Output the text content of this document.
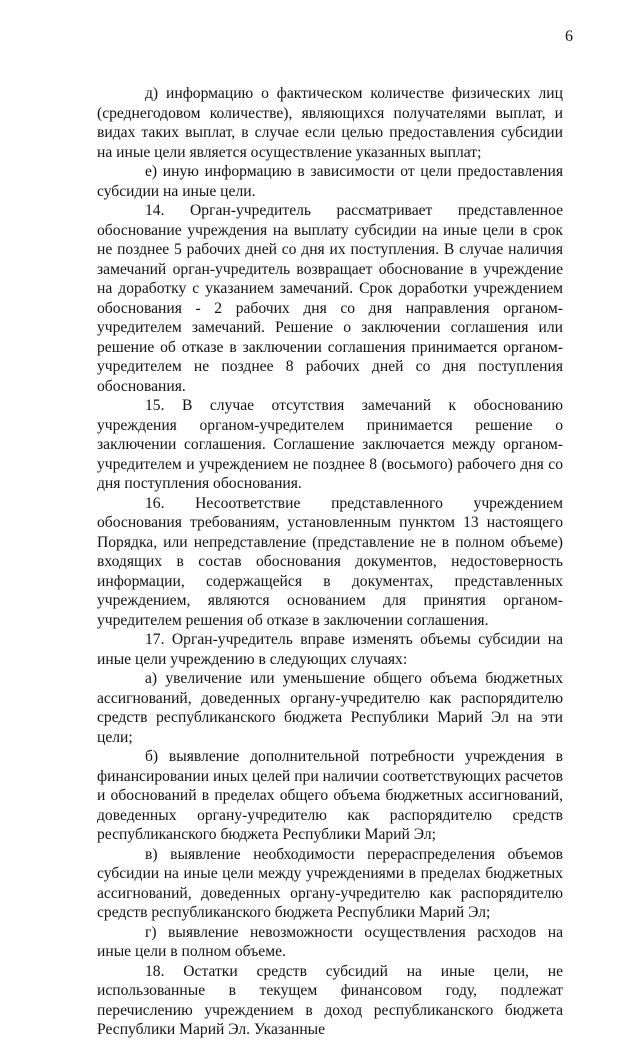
6

д) информацию о фактическом количестве физических лиц (среднегодовом количестве), являющихся получателями выплат, и видах таких выплат, в случае если целью предоставления субсидии на иные цели является осуществление указанных выплат;

е) иную информацию в зависимости от цели предоставления субсидии на иные цели.

14. Орган-учредитель рассматривает представленное обоснование учреждения на выплату субсидии на иные цели в срок не позднее 5 рабочих дней со дня их поступления. В случае наличия замечаний орган-учредитель возвращает обоснование в учреждение на доработку с указанием замечаний. Срок доработки учреждением обоснования - 2 рабочих дня со дня направления органом-учредителем замечаний. Решение о заключении соглашения или решение об отказе в заключении соглашения принимается органом-учредителем не позднее 8 рабочих дней со дня поступления обоснования.

15. В случае отсутствия замечаний к обоснованию учреждения органом-учредителем принимается решение о заключении соглашения. Соглашение заключается между органом-учредителем и учреждением не позднее 8 (восьмого) рабочего дня со дня поступления обоснования.

16. Несоответствие представленного учреждением обоснования требованиям, установленным пунктом 13 настоящего Порядка, или непредставление (представление не в полном объеме) входящих в состав обоснования документов, недостоверность информации, содержащейся в документах, представленных учреждением, являются основанием для принятия органом-учредителем решения об отказе в заключении соглашения.

17. Орган-учредитель вправе изменять объемы субсидии на иные цели учреждению в следующих случаях:

а) увеличение или уменьшение общего объема бюджетных ассигнований, доведенных органу-учредителю как распорядителю средств республиканского бюджета Республики Марий Эл на эти цели;

б) выявление дополнительной потребности учреждения в финансировании иных целей при наличии соответствующих расчетов и обоснований в пределах общего объема бюджетных ассигнований, доведенных органу-учредителю как распорядителю средств республиканского бюджета Республики Марий Эл;

в) выявление необходимости перераспределения объемов субсидии на иные цели между учреждениями в пределах бюджетных ассигнований, доведенных органу-учредителю как распорядителю средств республиканского бюджета Республики Марий Эл;

г) выявление невозможности осуществления расходов на иные цели в полном объеме.

18. Остатки средств субсидий на иные цели, не использованные в текущем финансовом году, подлежат перечислению учреждением в доход республиканского бюджета Республики Марий Эл. Указанные
